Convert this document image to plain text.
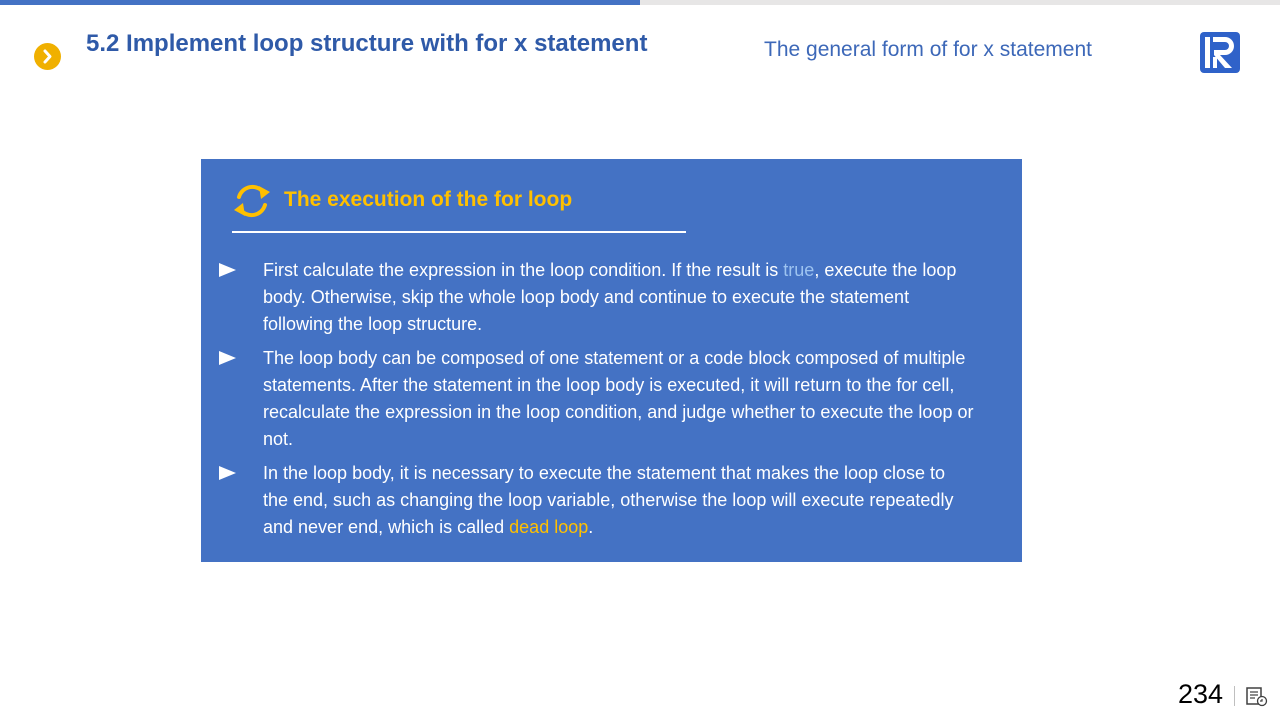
5.2 Implement loop structure with for x statement	The general form of for x statement
The execution of the for loop
First calculate the expression in the loop condition. If the result is true, execute the loop body. Otherwise, skip the whole loop body and continue to execute the statement following the loop structure.
The loop body can be composed of one statement or a code block composed of multiple statements. After the statement in the loop body is executed, it will return to the for cell, recalculate the expression in the loop condition, and judge whether to execute the loop or not.
In the loop body, it is necessary to execute the statement that makes the loop close to the end, such as changing the loop variable, otherwise the loop will execute repeatedly and never end, which is called dead loop.
234
